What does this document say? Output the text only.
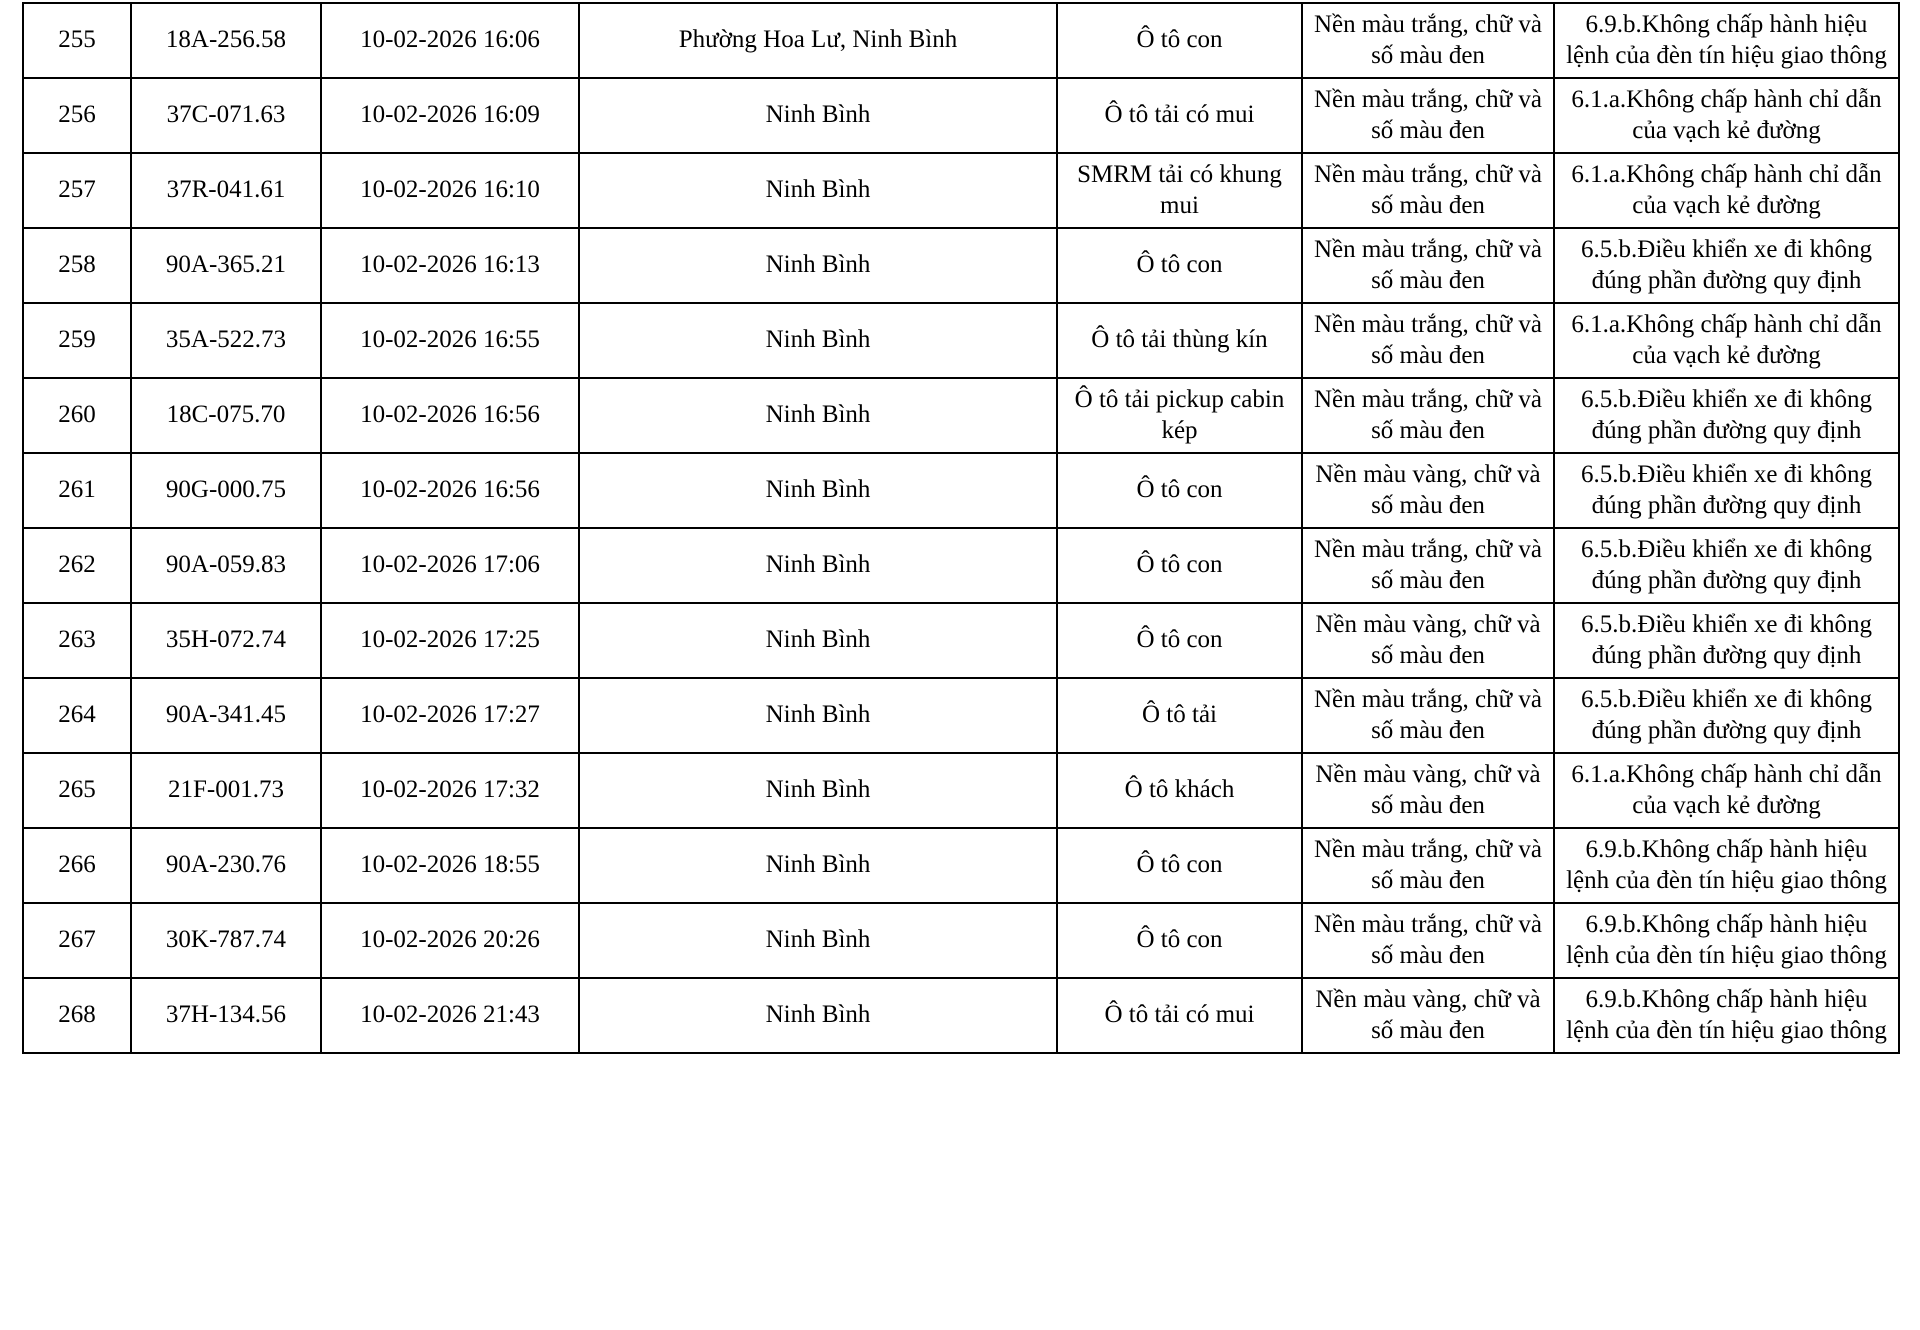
255	18A-256.58	10-02-2026 16:06	Phường Hoa Lư, Ninh Bình	Ô tô con	Nền màu trắng, chữ và số màu đen	6.9.b.Không chấp hành hiệu lệnh của đèn tín hiệu giao thông
256	37C-071.63	10-02-2026 16:09	Ninh Bình	Ô tô tải có mui	Nền màu trắng, chữ và số màu đen	6.1.a.Không chấp hành chỉ dẫn của vạch kẻ đường
257	37R-041.61	10-02-2026 16:10	Ninh Bình	SMRM tải có khung mui	Nền màu trắng, chữ và số màu đen	6.1.a.Không chấp hành chỉ dẫn của vạch kẻ đường
258	90A-365.21	10-02-2026 16:13	Ninh Bình	Ô tô con	Nền màu trắng, chữ và số màu đen	6.5.b.Điều khiển xe đi không đúng phần đường quy định
259	35A-522.73	10-02-2026 16:55	Ninh Bình	Ô tô tải thùng kín	Nền màu trắng, chữ và số màu đen	6.1.a.Không chấp hành chỉ dẫn của vạch kẻ đường
260	18C-075.70	10-02-2026 16:56	Ninh Bình	Ô tô tải pickup cabin kép	Nền màu trắng, chữ và số màu đen	6.5.b.Điều khiển xe đi không đúng phần đường quy định
261	90G-000.75	10-02-2026 16:56	Ninh Bình	Ô tô con	Nền màu vàng, chữ và số màu đen	6.5.b.Điều khiển xe đi không đúng phần đường quy định
262	90A-059.83	10-02-2026 17:06	Ninh Bình	Ô tô con	Nền màu trắng, chữ và số màu đen	6.5.b.Điều khiển xe đi không đúng phần đường quy định
263	35H-072.74	10-02-2026 17:25	Ninh Bình	Ô tô con	Nền màu vàng, chữ và số màu đen	6.5.b.Điều khiển xe đi không đúng phần đường quy định
264	90A-341.45	10-02-2026 17:27	Ninh Bình	Ô tô tải	Nền màu trắng, chữ và số màu đen	6.5.b.Điều khiển xe đi không đúng phần đường quy định
265	21F-001.73	10-02-2026 17:32	Ninh Bình	Ô tô khách	Nền màu vàng, chữ và số màu đen	6.1.a.Không chấp hành chỉ dẫn của vạch kẻ đường
266	90A-230.76	10-02-2026 18:55	Ninh Bình	Ô tô con	Nền màu trắng, chữ và số màu đen	6.9.b.Không chấp hành hiệu lệnh của đèn tín hiệu giao thông
267	30K-787.74	10-02-2026 20:26	Ninh Bình	Ô tô con	Nền màu trắng, chữ và số màu đen	6.9.b.Không chấp hành hiệu lệnh của đèn tín hiệu giao thông
268	37H-134.56	10-02-2026 21:43	Ninh Bình	Ô tô tải có mui	Nền màu vàng, chữ và số màu đen	6.9.b.Không chấp hành hiệu lệnh của đèn tín hiệu giao thông
